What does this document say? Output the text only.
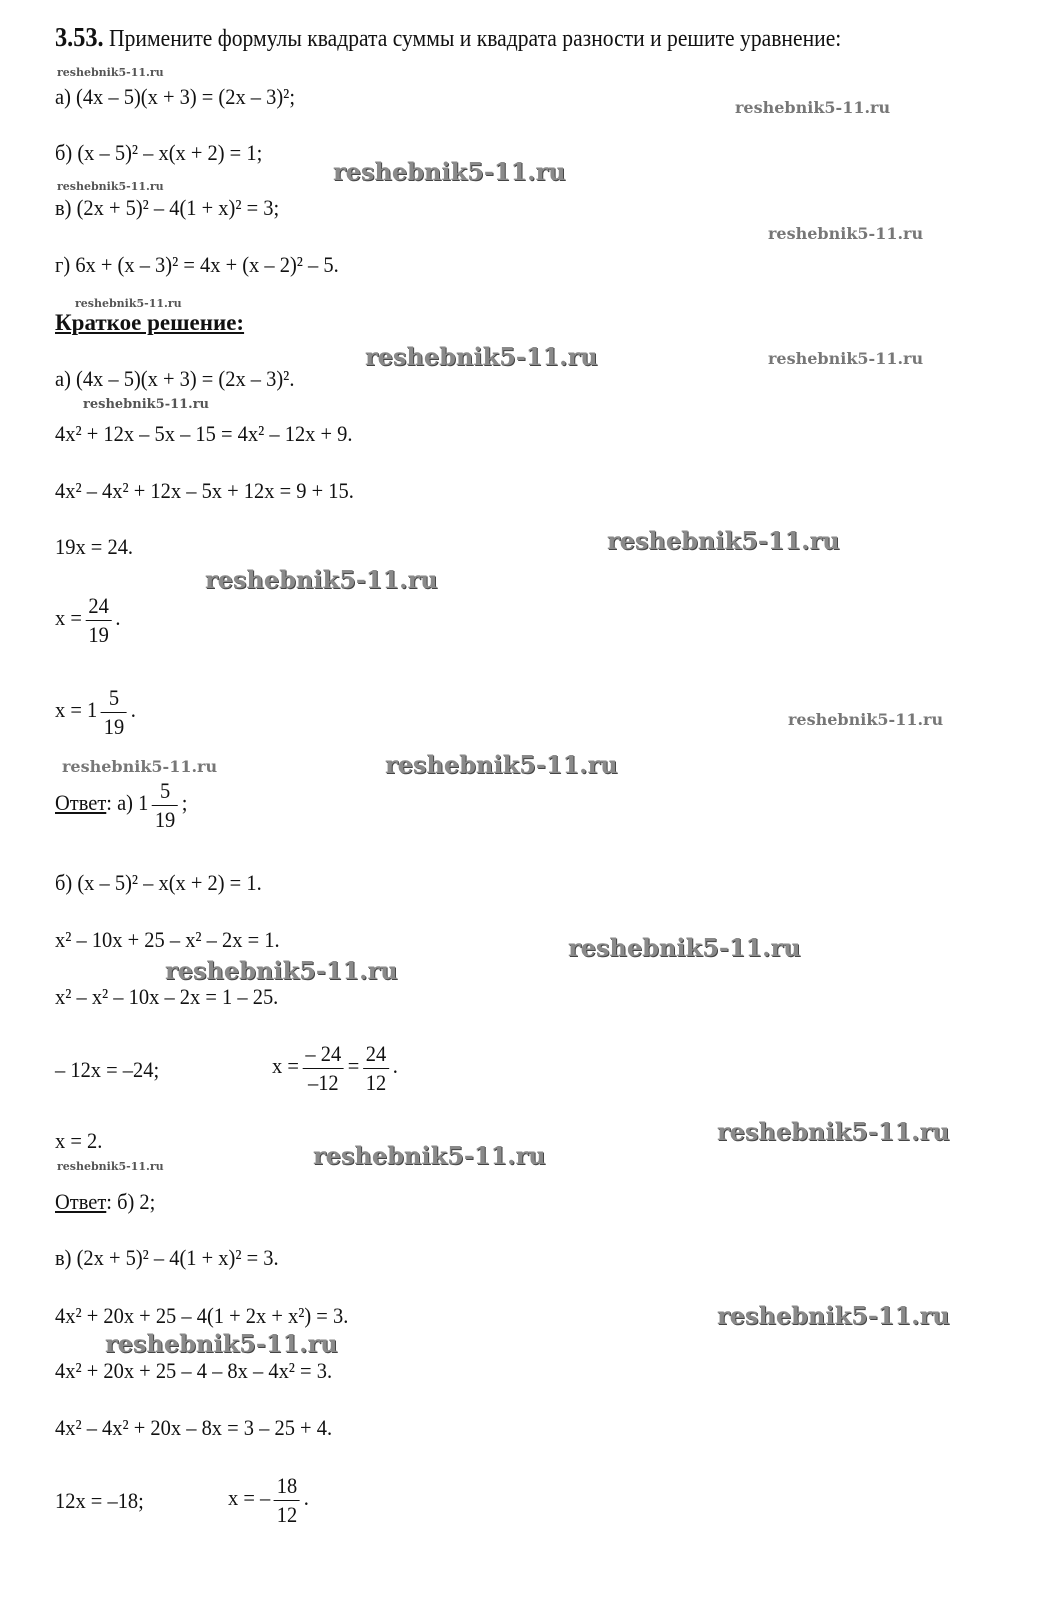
3.53. Примените формулы квадрата суммы и квадрата разности и решите уравнение:
а) (4x – 5)(x + 3) = (2x – 3)²;
б) (x – 5)² – x(x + 2) = 1;
в) (2x + 5)² – 4(1 + x)² = 3;
г) 6x + (x – 3)² = 4x + (x – 2)² – 5.
Краткое решение:
а) (4x – 5)(x + 3) = (2x – 3)².
4x² + 12x – 5x – 15 = 4x² – 12x + 9.
4x² – 4x² + 12x – 5x + 12x = 9 + 15.
19x = 24.
$x = \frac{24}{19}$ .
$x = 1 \frac{5}{19}$ .
Ответ: а) $1 \frac{5}{19}$ ;
б) (x – 5)² – x(x + 2) = 1.
x² – 10x + 25 – x² – 2x = 1.
x² – x² – 10x – 2x = 1 – 25.
– 12x = –24;	$x = \frac{- 24}{-12} = \frac{24}{12}$ .
x = 2.
Ответ: б) 2;
в) (2x + 5)² – 4(1 + x)² = 3.
4x² + 20x + 25 – 4(1 + 2x + x²) = 3.
4x² + 20x + 25 – 4 – 8x – 4x² = 3.
4x² – 4x² + 20x – 8x = 3 – 25 + 4.
12x = –18;	x = – $\frac{18}{12}$ .
reshebnik5-11.ru
reshebnik5-11.ru
reshebnik5-11.ru
reshebnik5-11.ru
reshebnik5-11.ru
reshebnik5-11.ru
reshebnik5-11.ru	reshebnik5-11.ru
reshebnik5-11.ru
reshebnik5-11.ru
reshebnik5-11.ru
reshebnik5-11.ru
reshebnik5-11.ru	reshebnik5-11.ru
reshebnik5-11.ru
reshebnik5-11.ru
reshebnik5-11.ru
reshebnik5-11.ru	reshebnik5-11.ru
reshebnik5-11.ru
reshebnik5-11.ru
